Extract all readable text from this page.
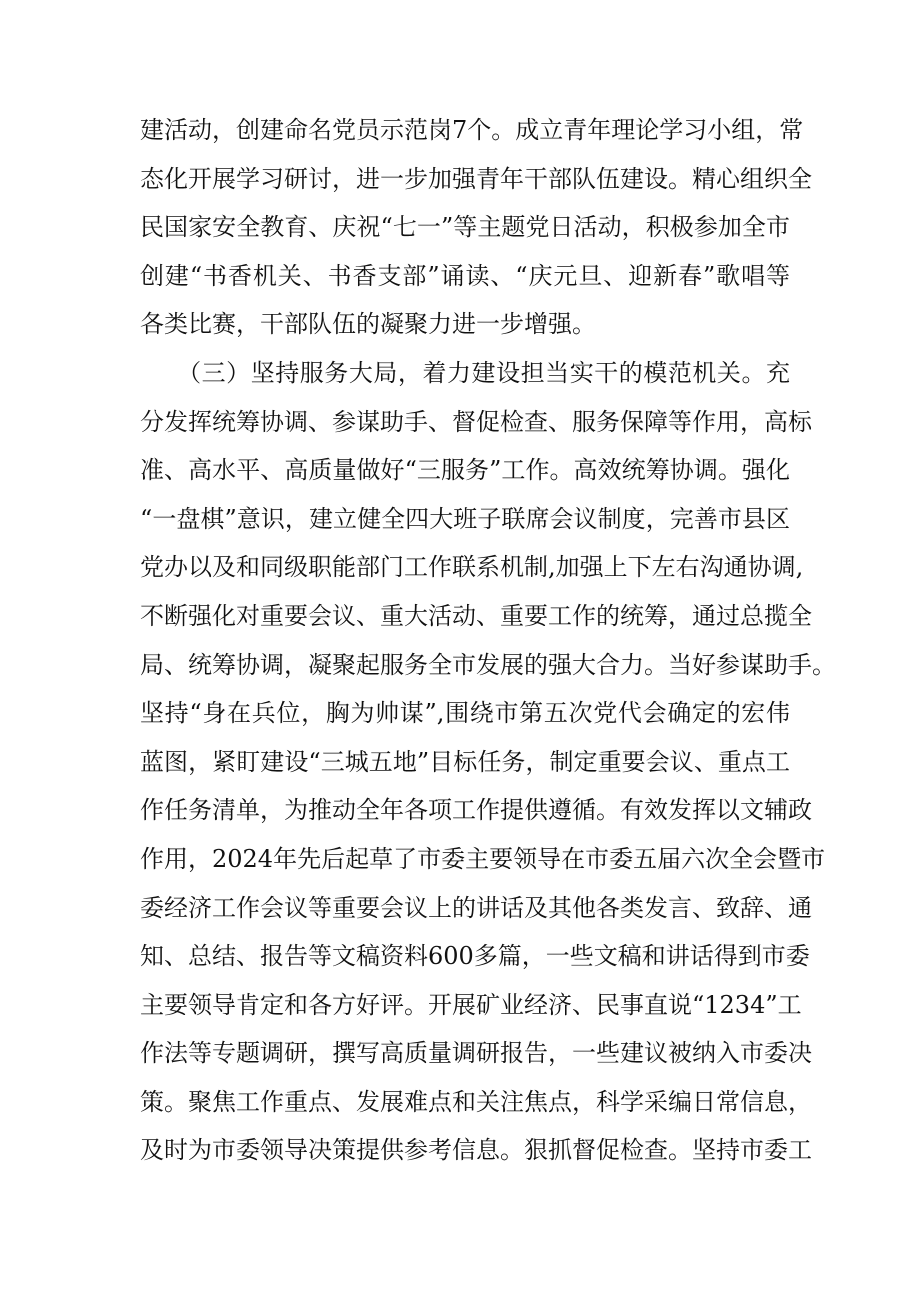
建活动，创建命名党员示范岗7个。成立青年理论学习小组，常
态化开展学习研讨，进一步加强青年干部队伍建设。精心组织全
民国家安全教育、庆祝“七一”等主题党日活动，积极参加全市
创建“书香机关、书香支部”诵读、“庆元旦、迎新春”歌唱等
各类比赛，干部队伍的凝聚力进一步增强。
　　（三）坚持服务大局，着力建设担当实干的模范机关。充
分发挥统筹协调、参谋助手、督促检查、服务保障等作用，高标
准、高水平、高质量做好“三服务”工作。高效统筹协调。强化
“一盘棋”意识，建立健全四大班子联席会议制度，完善市县区
党办以及和同级职能部门工作联系机制,加强上下左右沟通协调,
不断强化对重要会议、重大活动、重要工作的统筹，通过总揽全
局、统筹协调，凝聚起服务全市发展的强大合力。当好参谋助手。
坚持“身在兵位，胸为帅谋”,围绕市第五次党代会确定的宏伟
蓝图，紧盯建设“三城五地”目标任务，制定重要会议、重点工
作任务清单，为推动全年各项工作提供遵循。有效发挥以文辅政
作用，2024年先后起草了市委主要领导在市委五届六次全会暨市
委经济工作会议等重要会议上的讲话及其他各类发言、致辞、通
知、总结、报告等文稿资料600多篇，一些文稿和讲话得到市委
主要领导肯定和各方好评。开展矿业经济、民事直说“1234”工
作法等专题调研，撰写高质量调研报告，一些建议被纳入市委决
策。聚焦工作重点、发展难点和关注焦点，科学采编日常信息，
及时为市委领导决策提供参考信息。狠抓督促检查。坚持市委工
